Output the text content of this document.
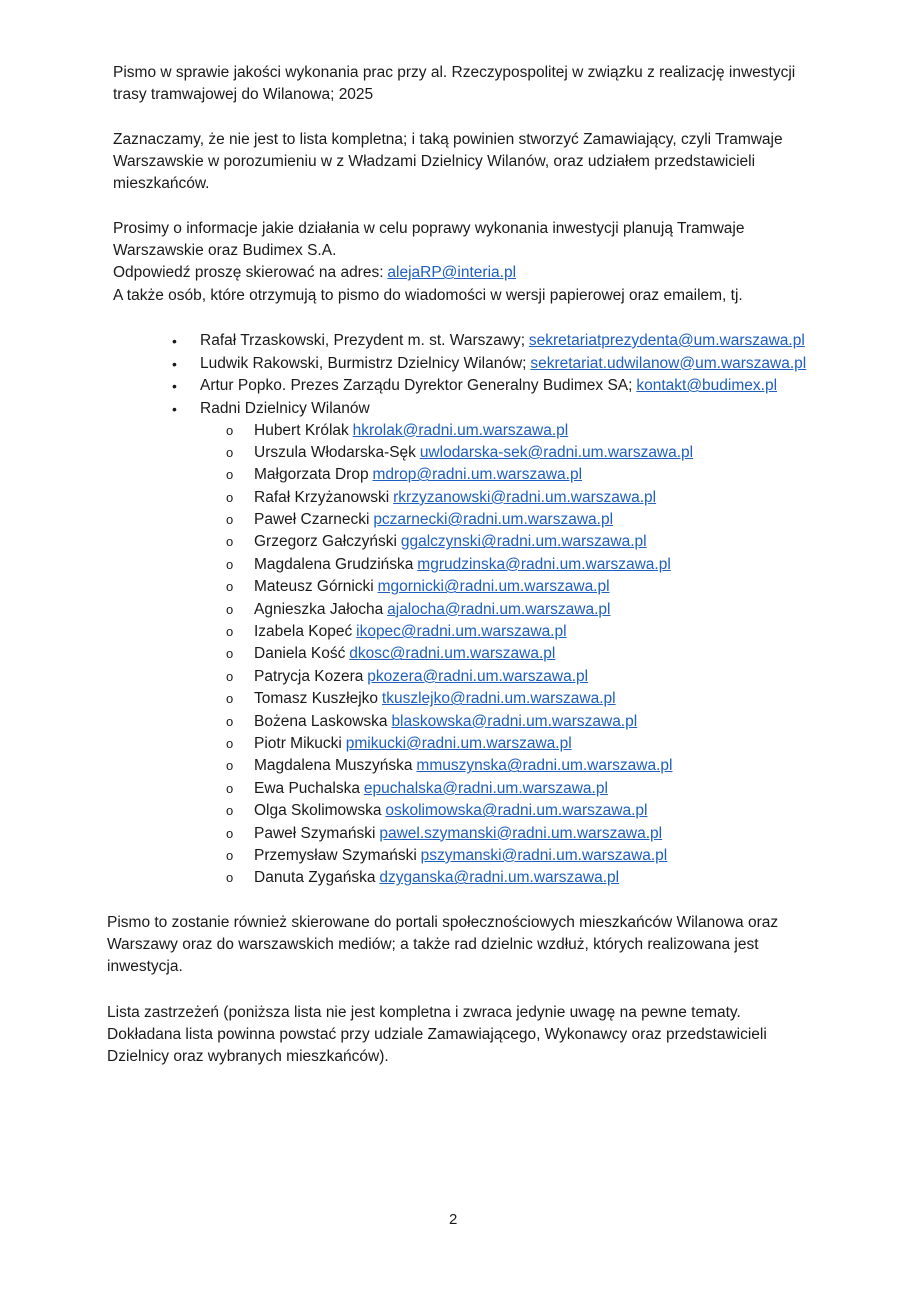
Pismo w sprawie jakości wykonania prac przy al. Rzeczypospolitej w związku z realizację inwestycji trasy tramwajowej do Wilanowa; 2025

Zaznaczamy, że nie jest to lista kompletna; i taką powinien stworzyć Zamawiający, czyli Tramwaje Warszawskie w porozumieniu w z Władzami Dzielnicy Wilanów, oraz udziałem przedstawicieli mieszkańców.

Prosimy o informacje jakie działania w celu poprawy wykonania inwestycji planują Tramwaje Warszawskie oraz Budimex S.A.

Odpowiedź proszę skierować na adres: alejaRP@interia.pl

A także osób, które otrzymują to pismo do wiadomości w wersji papierowej oraz emailem, tj.

• Rafał Trzaskowski, Prezydent m. st. Warszawy; sekretariatprezydenta@um.warszawa.pl
• Ludwik Rakowski, Burmistrz Dzielnicy Wilanów; sekretariat.udwilanow@um.warszawa.pl
• Artur Popko. Prezes Zarządu Dyrektor Generalny Budimex SA; kontakt@budimex.pl
• Radni Dzielnicy Wilanów
o Hubert Królak hkrolak@radni.um.warszawa.pl
o Urszula Włodarska-Sęk uwlodarska-sek@radni.um.warszawa.pl
o Małgorzata Drop mdrop@radni.um.warszawa.pl
o Rafał Krzyżanowski rkrzyzanowski@radni.um.warszawa.pl
o Paweł Czarnecki pczarnecki@radni.um.warszawa.pl
o Grzegorz Gałczyński ggalczynski@radni.um.warszawa.pl
o Magdalena Grudzińska mgrudzinska@radni.um.warszawa.pl
o Mateusz Górnicki mgornicki@radni.um.warszawa.pl
o Agnieszka Jałocha ajalocha@radni.um.warszawa.pl
o Izabela Kopeć ikopec@radni.um.warszawa.pl
o Daniela Kość dkosc@radni.um.warszawa.pl
o Patrycja Kozera pkozera@radni.um.warszawa.pl
o Tomasz Kuszłejko tkuszlejko@radni.um.warszawa.pl
o Bożena Laskowska blaskowska@radni.um.warszawa.pl
o Piotr Mikucki pmikucki@radni.um.warszawa.pl
o Magdalena Muszyńska mmuszynska@radni.um.warszawa.pl
o Ewa Puchalska epuchalska@radni.um.warszawa.pl
o Olga Skolimowska oskolimowska@radni.um.warszawa.pl
o Paweł Szymański pawel.szymanski@radni.um.warszawa.pl
o Przemysław Szymański pszymanski@radni.um.warszawa.pl
o Danuta Zygańska dzyganska@radni.um.warszawa.pl

Pismo to zostanie również skierowane do portali społecznościowych mieszkańców Wilanowa oraz Warszawy oraz do warszawskich mediów; a także rad dzielnic wzdłuż, których realizowana jest inwestycja.

Lista zastrzeżeń (poniższa lista nie jest kompletna i zwraca jedynie uwagę na pewne tematy. Dokładana lista powinna powstać przy udziale Zamawiającego, Wykonawcy oraz przedstawicieli Dzielnicy oraz wybranych mieszkańców).

2
